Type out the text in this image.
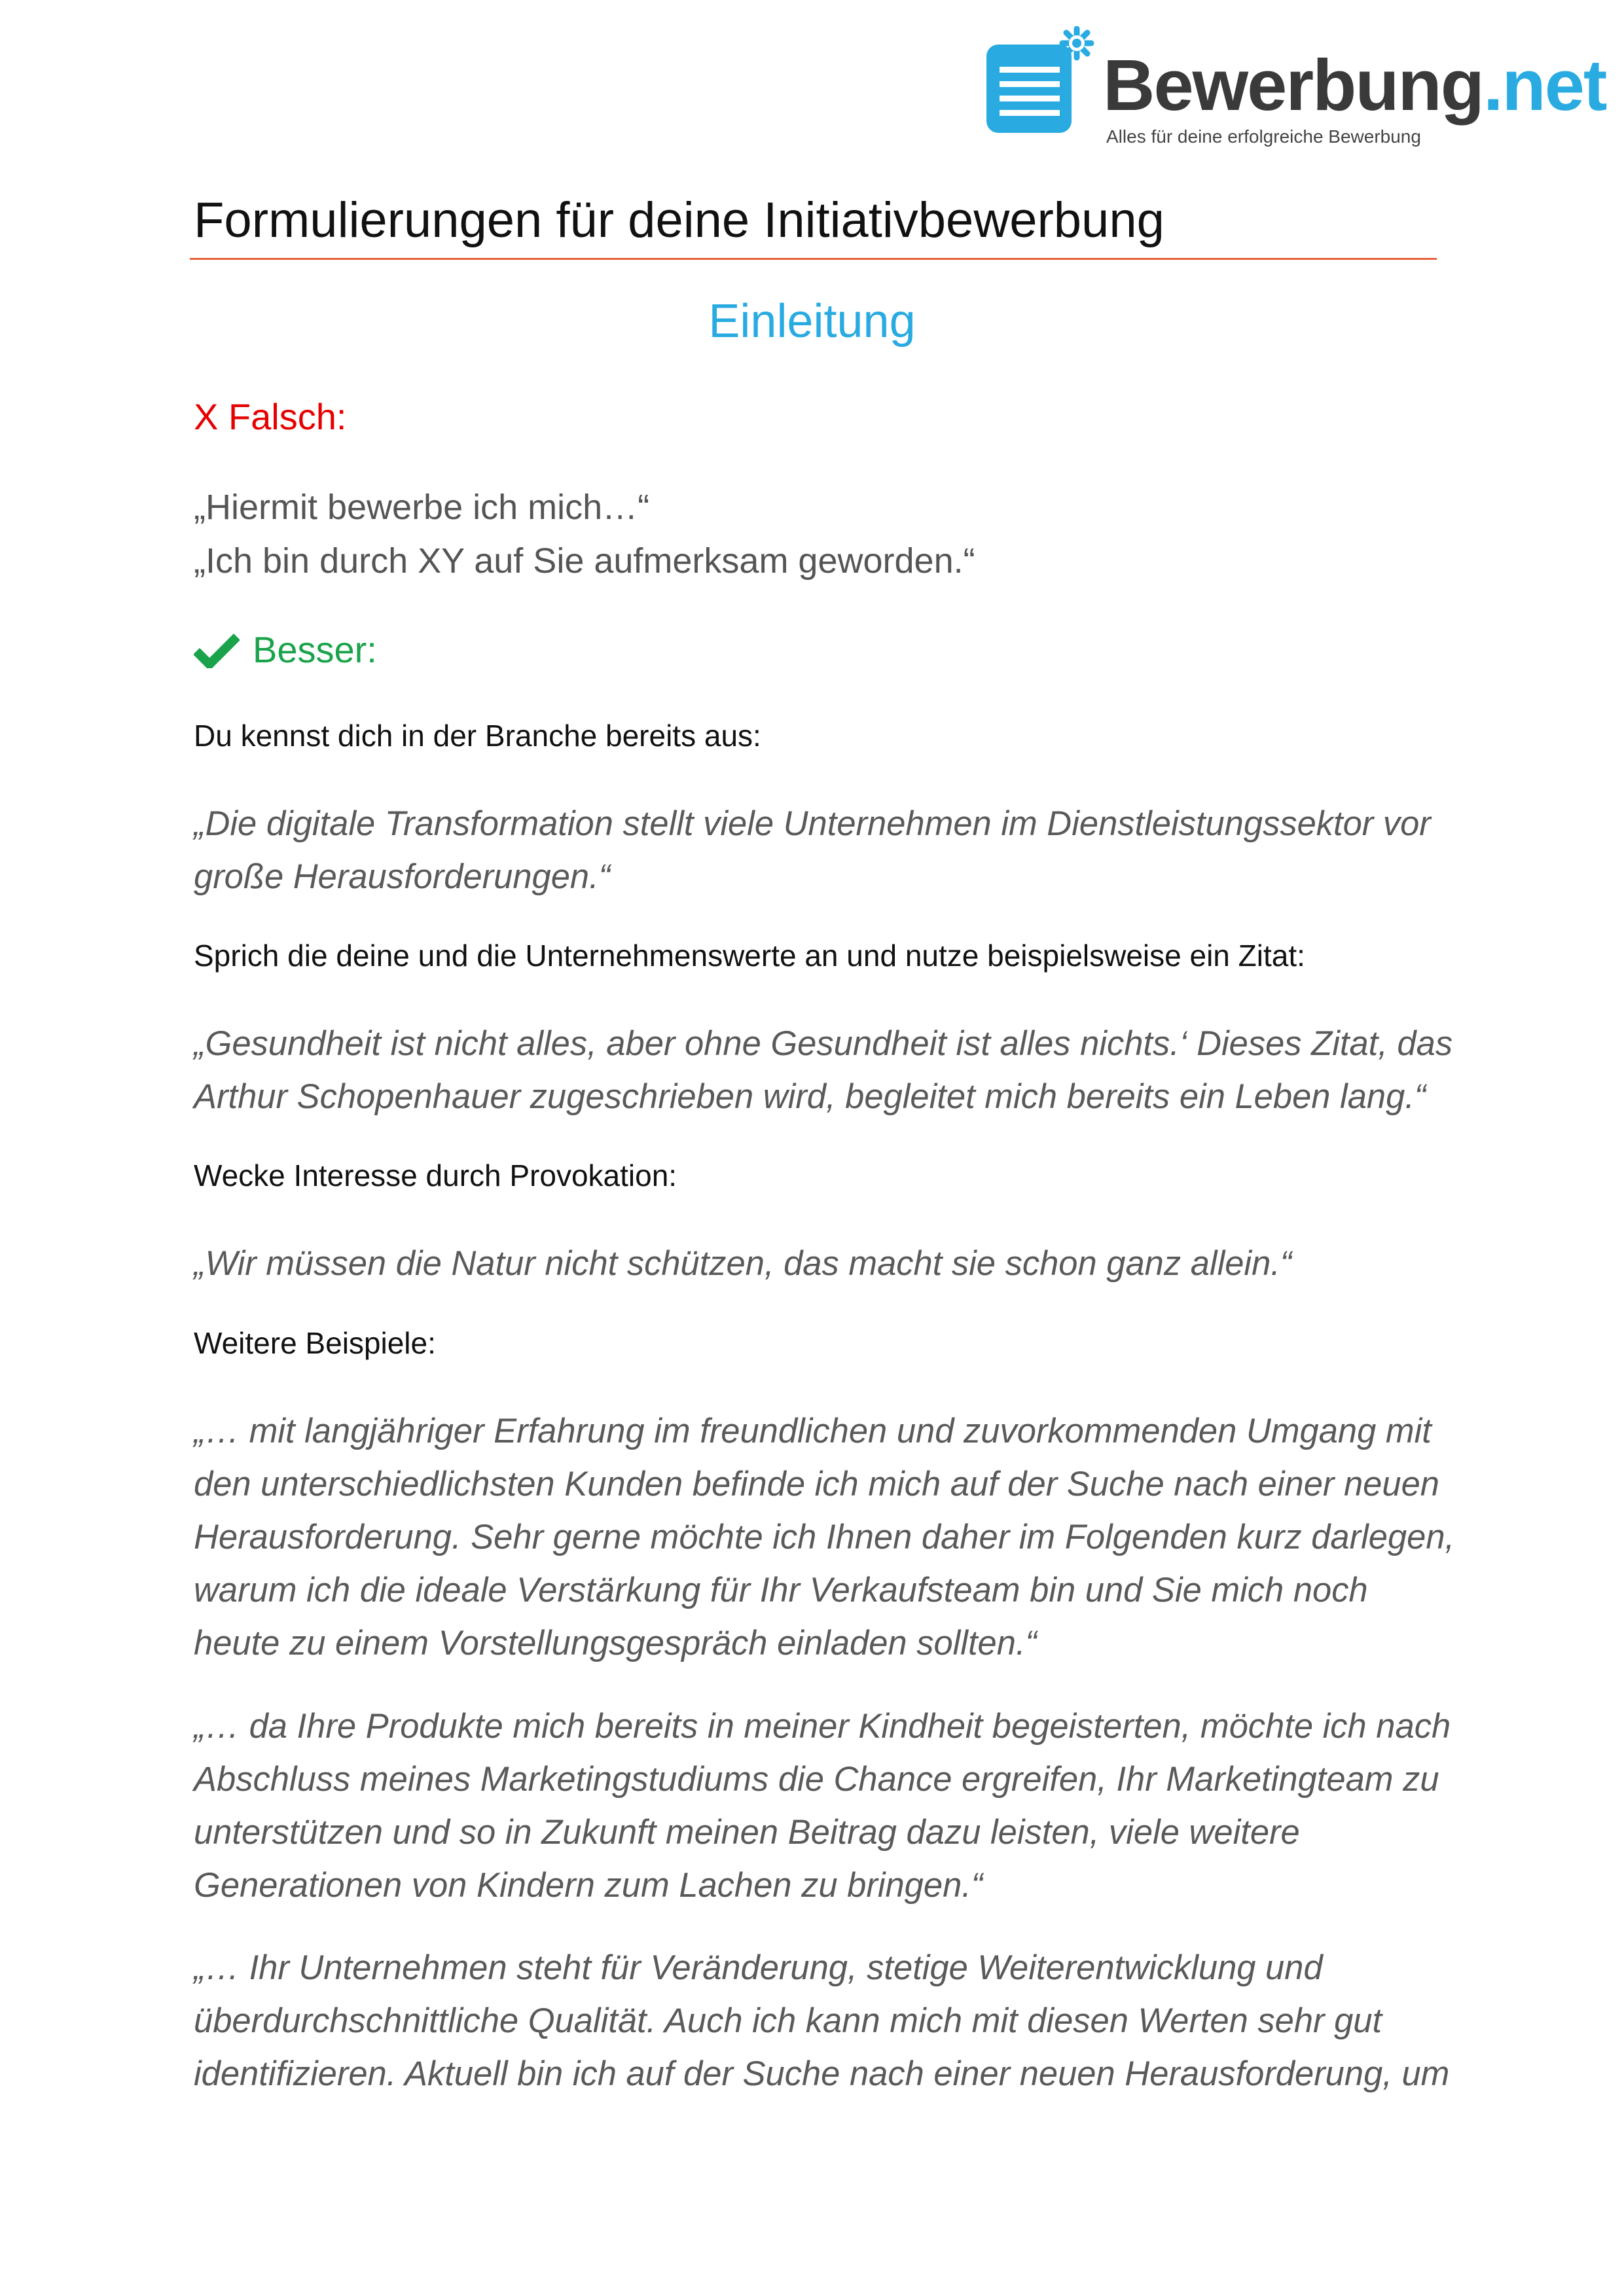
Bewerbung.net
Alles für deine erfolgreiche Bewerbung
Formulierungen für deine Initiativbewerbung
Einleitung
X Falsch:
„Hiermit bewerbe ich mich…“
„Ich bin durch XY auf Sie aufmerksam geworden.“
Besser:
Du kennst dich in der Branche bereits aus:
„Die digitale Transformation stellt viele Unternehmen im Dienstleistungssektor vor
große Herausforderungen.“
Sprich die deine und die Unternehmenswerte an und nutze beispielsweise ein Zitat:
„Gesundheit ist nicht alles, aber ohne Gesundheit ist alles nichts.‘ Dieses Zitat, das
Arthur Schopenhauer zugeschrieben wird, begleitet mich bereits ein Leben lang.“
Wecke Interesse durch Provokation:
„Wir müssen die Natur nicht schützen, das macht sie schon ganz allein.“
Weitere Beispiele:
„… mit langjähriger Erfahrung im freundlichen und zuvorkommenden Umgang mit
den unterschiedlichsten Kunden befinde ich mich auf der Suche nach einer neuen
Herausforderung. Sehr gerne möchte ich Ihnen daher im Folgenden kurz darlegen,
warum ich die ideale Verstärkung für Ihr Verkaufsteam bin und Sie mich noch
heute zu einem Vorstellungsgespräch einladen sollten.“
„… da Ihre Produkte mich bereits in meiner Kindheit begeisterten, möchte ich nach
Abschluss meines Marketingstudiums die Chance ergreifen, Ihr Marketingteam zu
unterstützen und so in Zukunft meinen Beitrag dazu leisten, viele weitere
Generationen von Kindern zum Lachen zu bringen.“
„… Ihr Unternehmen steht für Veränderung, stetige Weiterentwicklung und
überdurchschnittliche Qualität. Auch ich kann mich mit diesen Werten sehr gut
identifizieren. Aktuell bin ich auf der Suche nach einer neuen Herausforderung, um
